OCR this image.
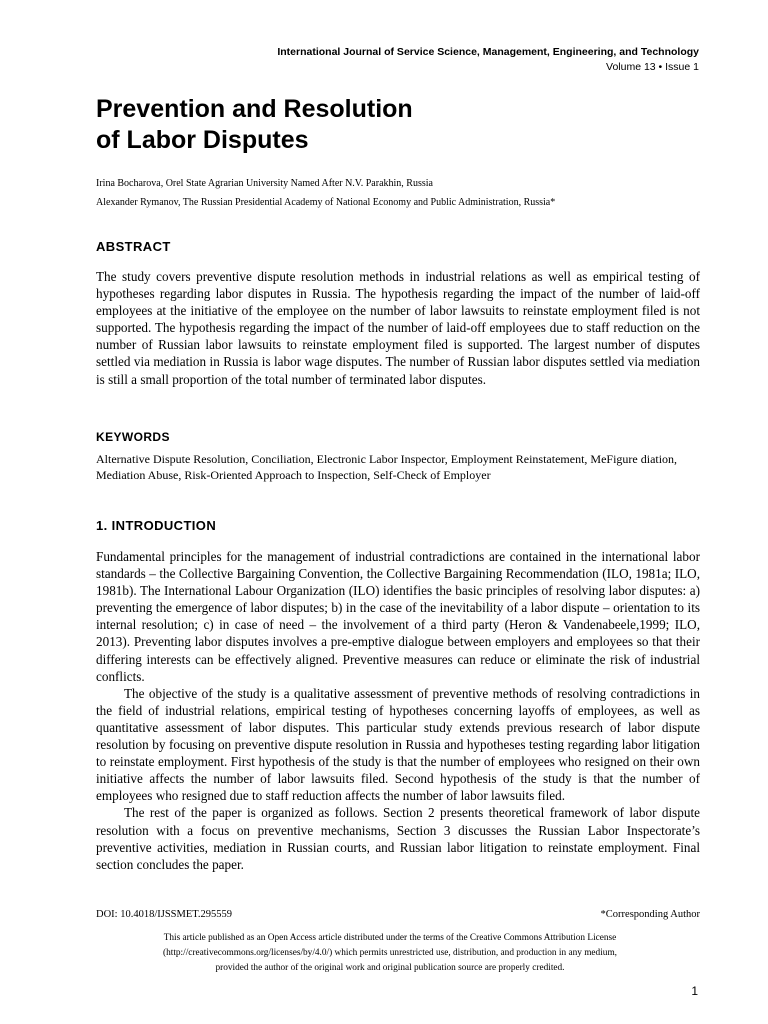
International Journal of Service Science, Management, Engineering, and Technology
Volume 13 • Issue 1
Prevention and Resolution
of Labor Disputes
Irina Bocharova, Orel State Agrarian University Named After N.V. Parakhin, Russia
Alexander Rymanov, The Russian Presidential Academy of National Economy and Public Administration, Russia*
ABSTRACT

The study covers preventive dispute resolution methods in industrial relations as well as empirical testing of hypotheses regarding labor disputes in Russia. The hypothesis regarding the impact of the number of laid-off employees at the initiative of the employee on the number of labor lawsuits to reinstate employment filed is not supported. The hypothesis regarding the impact of the number of laid-off employees due to staff reduction on the number of Russian labor lawsuits to reinstate employment filed is supported. The largest number of disputes settled via mediation in Russia is labor wage disputes. The number of Russian labor disputes settled via mediation is still a small proportion of the total number of terminated labor disputes.

KEYWORDS

Alternative Dispute Resolution, Conciliation, Electronic Labor Inspector, Employment Reinstatement, MeFigure diation, Mediation Abuse, Risk-Oriented Approach to Inspection, Self-Check of Employer

1. INTRODUCTION

Fundamental principles for the management of industrial contradictions are contained in the international labor standards – the Collective Bargaining Convention, the Collective Bargaining Recommendation (ILO, 1981a; ILO, 1981b). The International Labour Organization (ILO) identifies the basic principles of resolving labor disputes: a) preventing the emergence of labor disputes; b) in the case of the inevitability of a labor dispute – orientation to its internal resolution; c) in case of need – the involvement of a third party (Heron & Vandenabeele,1999; ILO, 2013). Preventing labor disputes involves a pre-emptive dialogue between employers and employees so that their differing interests can be effectively aligned. Preventive measures can reduce or eliminate the risk of industrial conflicts.

The objective of the study is a qualitative assessment of preventive methods of resolving contradictions in the field of industrial relations, empirical testing of hypotheses concerning layoffs of employees, as well as quantitative assessment of labor disputes. This particular study extends previous research of labor dispute resolution by focusing on preventive dispute resolution in Russia and hypotheses testing regarding labor litigation to reinstate employment. First hypothesis of the study is that the number of employees who resigned on their own initiative affects the number of labor lawsuits filed. Second hypothesis of the study is that the number of employees who resigned due to staff reduction affects the number of labor lawsuits filed.

The rest of the paper is organized as follows. Section 2 presents theoretical framework of labor dispute resolution with a focus on preventive mechanisms, Section 3 discusses the Russian Labor Inspectorate’s preventive activities, mediation in Russian courts, and Russian labor litigation to reinstate employment. Final section concludes the paper.

DOI: 10.4018/IJSSMET.295559	*Corresponding Author
This article published as an Open Access article distributed under the terms of the Creative Commons Attribution License
(http://creativecommons.org/licenses/by/4.0/) which permits unrestricted use, distribution, and production in any medium,
provided the author of the original work and original publication source are properly credited.
1
